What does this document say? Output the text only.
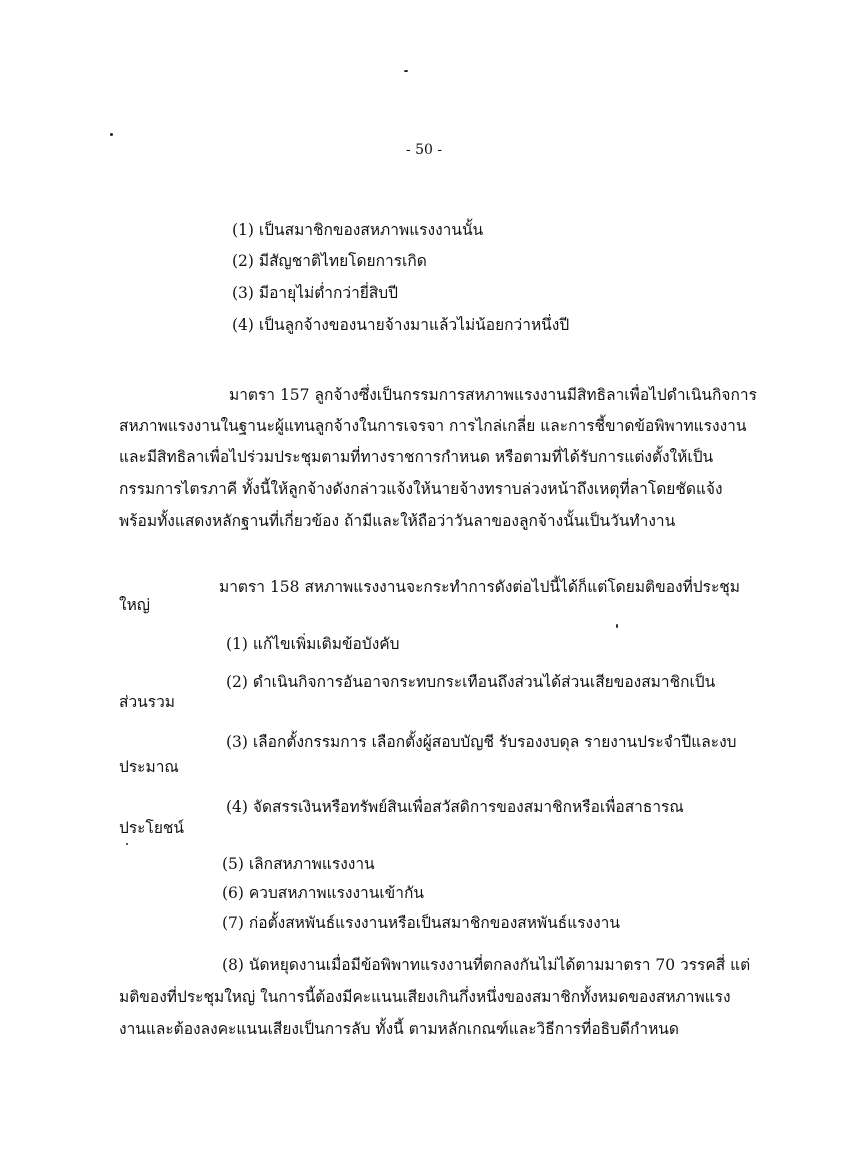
- 50 -
(1) เป็นสมาชิกของสหภาพแรงงานนั้น
(2) มีสัญชาติไทยโดยการเกิด
(3) มีอายุไม่ต่ำกว่ายี่สิบปี
(4) เป็นลูกจ้างของนายจ้างมาแล้วไม่น้อยกว่าหนึ่งปี
มาตรา 157 ลูกจ้างซึ่งเป็นกรรมการสหภาพแรงงานมีสิทธิลาเพื่อไปดำเนินกิจการ
สหภาพแรงงานในฐานะผู้แทนลูกจ้างในการเจรจา การไกล่เกลี่ย และการชี้ขาดข้อพิพาทแรงงาน
และมีสิทธิลาเพื่อไปร่วมประชุมตามที่ทางราชการกำหนด หรือตามที่ได้รับการแต่งตั้งให้เป็น
กรรมการไตรภาคี ทั้งนี้ให้ลูกจ้างดังกล่าวแจ้งให้นายจ้างทราบล่วงหน้าถึงเหตุที่ลาโดยชัดแจ้ง
พร้อมทั้งแสดงหลักฐานที่เกี่ยวข้อง ถ้ามีและให้ถือว่าวันลาของลูกจ้างนั้นเป็นวันทำงาน
มาตรา 158 สหภาพแรงงานจะกระทำการดังต่อไปนี้ได้ก็แต่โดยมติของที่ประชุม
ใหญ่
(1) แก้ไขเพิ่มเติมข้อบังคับ
(2) ดำเนินกิจการอันอาจกระทบกระเทือนถึงส่วนได้ส่วนเสียของสมาชิกเป็น
ส่วนรวม
(3) เลือกตั้งกรรมการ เลือกตั้งผู้สอบบัญชี รับรองงบดุล รายงานประจำปีและงบ
ประมาณ
(4) จัดสรรเงินหรือทรัพย์สินเพื่อสวัสดิการของสมาชิกหรือเพื่อสาธารณ
ประโยชน์
(5) เลิกสหภาพแรงงาน
(6) ควบสหภาพแรงงานเข้ากัน
(7) ก่อตั้งสหพันธ์แรงงานหรือเป็นสมาชิกของสหพันธ์แรงงาน
(8) นัดหยุดงานเมื่อมีข้อพิพาทแรงงานที่ตกลงกันไม่ได้ตามมาตรา 70 วรรคสี่ แต่
มติของที่ประชุมใหญ่ ในการนี้ต้องมีคะแนนเสียงเกินกึ่งหนึ่งของสมาชิกทั้งหมดของสหภาพแรง
งานและต้องลงคะแนนเสียงเป็นการลับ ทั้งนี้ ตามหลักเกณฑ์และวิธีการที่อธิบดีกำหนด
